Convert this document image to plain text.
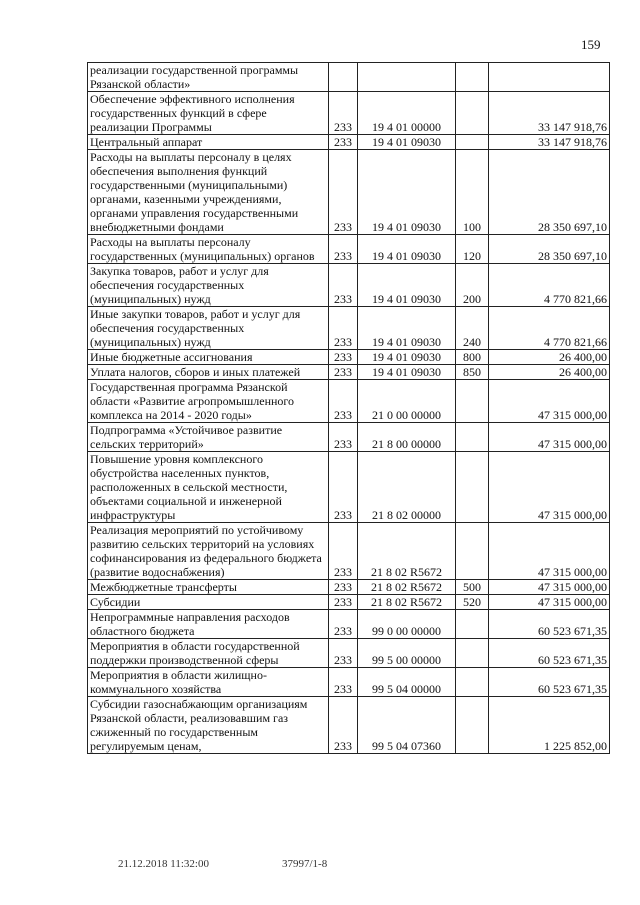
159
реализации государственной программы Рязанской области»				
Обеспечение эффективного исполнения государственных функций в сфере реализации Программы	233	19 4 01 00000		33 147 918,76
Центральный аппарат	233	19 4 01 09030		33 147 918,76
Расходы на выплаты персоналу в целях обеспечения выполнения функций государственными (муниципальными) органами, казенными учреждениями, органами управления государственными внебюджетными фондами	233	19 4 01 09030	100	28 350 697,10
Расходы на выплаты персоналу государственных (муниципальных) органов	233	19 4 01 09030	120	28 350 697,10
Закупка товаров, работ и услуг для обеспечения государственных (муниципальных) нужд	233	19 4 01 09030	200	4 770 821,66
Иные закупки товаров, работ и услуг для обеспечения государственных (муниципальных) нужд	233	19 4 01 09030	240	4 770 821,66
Иные бюджетные ассигнования	233	19 4 01 09030	800	26 400,00
Уплата налогов, сборов и иных платежей	233	19 4 01 09030	850	26 400,00
Государственная программа Рязанской области «Развитие агропромышленного комплекса на 2014 - 2020 годы»	233	21 0 00 00000		47 315 000,00
Подпрограмма «Устойчивое развитие сельских территорий»	233	21 8 00 00000		47 315 000,00
Повышение уровня комплексного обустройства населенных пунктов, расположенных в сельской местности, объектами социальной и инженерной инфраструктуры	233	21 8 02 00000		47 315 000,00
Реализация мероприятий по устойчивому развитию сельских территорий на условиях софинансирования из федерального бюджета (развитие водоснабжения)	233	21 8 02 R5672		47 315 000,00
Межбюджетные трансферты	233	21 8 02 R5672	500	47 315 000,00
Субсидии	233	21 8 02 R5672	520	47 315 000,00
Непрограммные направления расходов областного бюджета	233	99 0 00 00000		60 523 671,35
Мероприятия в области государственной поддержки производственной сферы	233	99 5 00 00000		60 523 671,35
Мероприятия в области жилищно-коммунального хозяйства	233	99 5 04 00000		60 523 671,35
Субсидии газоснабжающим организациям Рязанской области, реализовавшим газ сжиженный по государственным регулируемым ценам,	233	99 5 04 07360		1 225 852,00
21.12.2018 11:32:00	37997/1-8
